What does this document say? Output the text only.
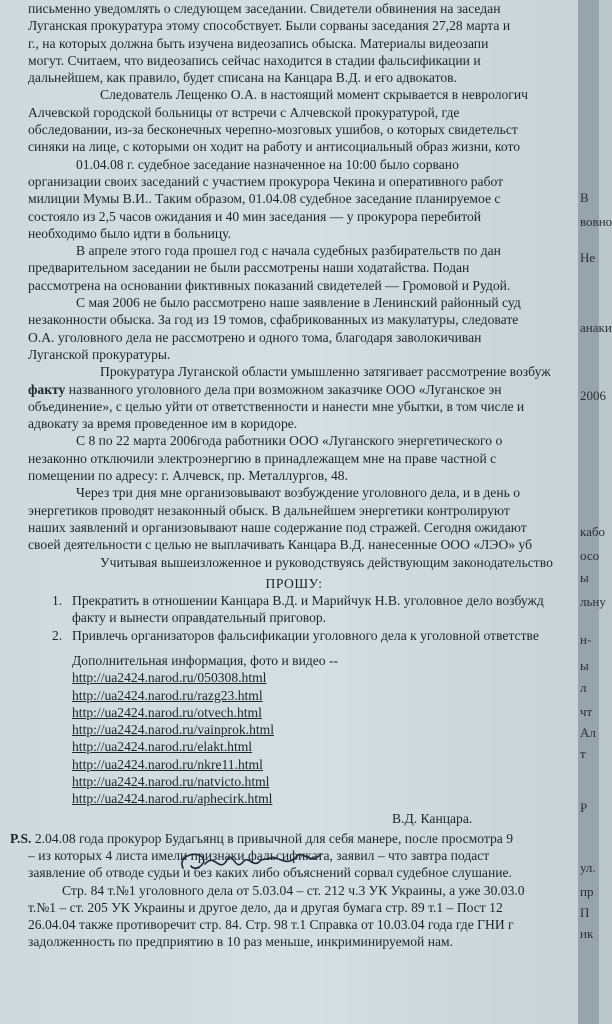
письменно уведомлять о следующем заседании. Свидетели обвинения на заседан
Луганская прокуратура этому способствует. Были сорваны заседания 27,28 марта и
г., на которых должна быть изучена видеозапись обыска. Материалы видеозапи
могут. Считаем, что видеозапись сейчас находится в стадии фальсификации и
дальнейшем, как правило, будет списана на Канцара В.Д. и его адвокатов.
Следователь Лещенко О.А. в настоящий момент скрывается в неврологич
Алчевской городской больницы от встречи с Алчевской прокуратурой, где
обследовании, из-за бесконечных черепно-мозговых ушибов, о которых свидетельст
синяки на лице, с которыми он ходит на работу и антисоциальный образ жизни, кото
01.04.08 г. судебное заседание назначенное на 10:00 было сорвано
организации своих заседаний с участием прокурора Чекина и оперативного работ
милиции Мумы В.И.. Таким образом, 01.04.08 судебное заседание планируемое с
состояло из 2,5 часов ожидания и 40 мин заседания — у прокурора перебитой
необходимо было идти в больницу.
В апреле этого года прошел год с начала судебных разбирательств по дан
предварительном заседании не были рассмотрены наши ходатайства. Подан
рассмотрена на основании фиктивных показаний свидетелей — Громовой и Рудой.
С мая 2006 не было рассмотрено наше заявление в Ленинский районный суд
незаконности обыска. За год из 19 томов, сфабрикованных из макулатуры, следовате
О.А. уголовного дела не рассмотрено и одного тома, благодаря заволокичиван
Луганской прокуратуры.
Прокуратура Луганской области умышленно затягивает рассмотрение возбуж
факту названного уголовного дела при возможном заказчике ООО «Луганское эн
объединение», с целью уйти от ответственности и нанести мне убытки, в том числе и
адвокату за время проведенное им в коридоре.
С 8 по 22 марта 2006года работники ООО «Луганского энергетического о
незаконно отключили электроэнергию в принадлежащем мне на праве частной с
помещении по адресу: г. Алчевск, пр. Металлургов, 48.
Через три дня мне организовывают возбуждение уголовного дела, и в день о
энергетиков проводят незаконный обыск. В дальнейшем энергетики контролируют
наших заявлений и организовывают наше содержание под стражей. Сегодня ожидают
своей деятельности с целью не выплачивать Канцара В.Д. нанесенные ООО «ЛЭО» уб
Учитывая вышеизложенное и руководствуясь действующим законодательство
ПРОШУ:
1. Прекратить в отношении Канцара В.Д. и Марийчук Н.В. уголовное дело возбужд
факту и вынести оправдательный приговор.
2. Привлечь организаторов фальсификации уголовного дела к уголовной ответстве
Дополнительная информация, фото и видео --
http://ua2424.narod.ru/050308.html
http://ua2424.narod.ru/razg23.html
http://ua2424.narod.ru/otvech.html
http://ua2424.narod.ru/vainprok.html
http://ua2424.narod.ru/elakt.html
http://ua2424.narod.ru/nkre11.html
http://ua2424.narod.ru/natvicto.html
http://ua2424.narod.ru/aphecirk.html
В.Д. Канцара.
P.S. 2.04.08 года прокурор Будагьянц в привычной для себя манере, после просмотра 9
– из которых 4 листа имели признаки фальсификата, заявил – что завтра подаст
заявление об отводе судьи и без каких либо объяснений сорвал судебное слушание.
Стр. 84 т.№1 уголовного дела от 5.03.04 – ст. 212 ч.3 УК Украины, а уже 30.03.0
т.№1 – ст. 205 УК Украины и другое дело, да и другая бумага стр. 89 т.1 – Пост 12
26.04.04 также противоречит стр. 84. Стр. 98 т.1 Справка от 10.03.04 года где ГНИ г
задолженность по предприятию в 10 раз меньше, инкриминируемой нам.
В
вовно
Не
анаки
2006
кабо
осо
ы
льну
н-
ы
л
чт
Ал
т
Р
ул.
пр
П
нк
